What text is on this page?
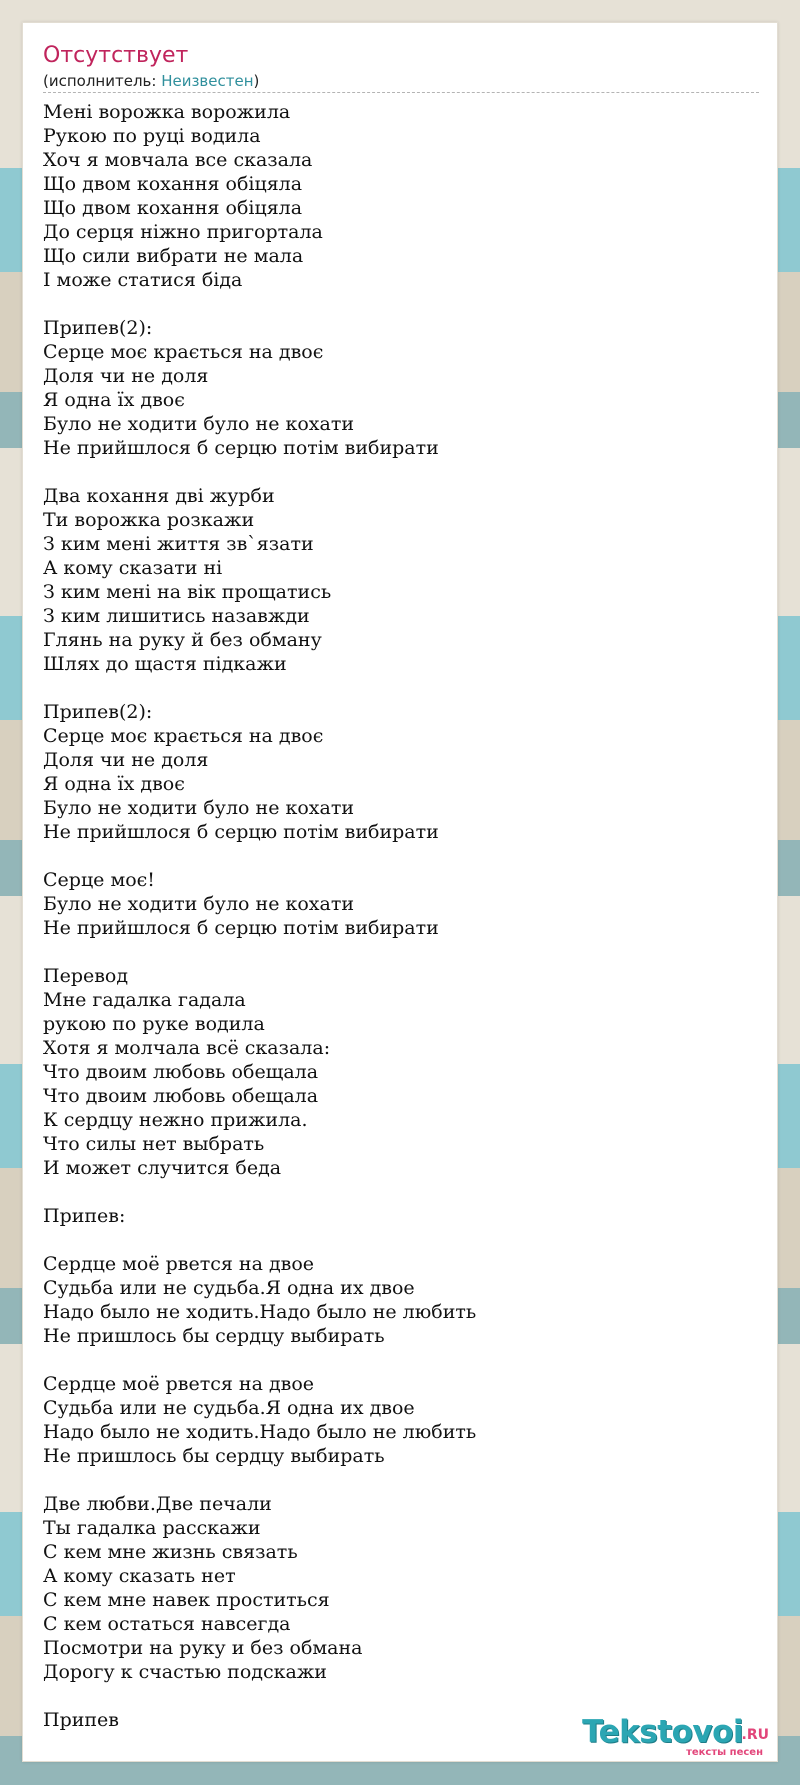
Отсутствует
(исполнитель: Неизвестен)
Мені ворожка ворожила
Рукою по руці водила
Хоч я мовчала все сказала
Що двом кохання обіцяла
Що двом кохання обіцяла
До серця ніжно пригортала
Що сили вибрати не мала
І може статися біда
Припев(2):
Серце моє крається на двоє
Доля чи не доля
Я одна їх двоє
Було не ходити було не кохати
Не прийшлося б серцю потім вибирати
Два кохання дві журби
Ти ворожка розкажи
З ким мені життя зв`язати
А кому сказати ні
З ким мені на вік прощатись
З ким лишитись назавжди
Глянь на руку й без обману
Шлях до щастя підкажи
Припев(2):
Серце моє крається на двоє
Доля чи не доля
Я одна їх двоє
Було не ходити було не кохати
Не прийшлося б серцю потім вибирати
Серце моє!
Було не ходити було не кохати
Не прийшлося б серцю потім вибирати
Перевод
Мне гадалка гадала
рукою по руке водила
Хотя я молчала всё сказала:
Что двоим любовь обещала
Что двоим любовь обещала
К сердцу нежно прижила.
Что силы нет выбрать
И может случится беда
Припев:
Сердце моё рвется на двое
Судьба или не судьба.Я одна их двое
Надо было не ходить.Надо было не любить
Не пришлось бы сердцу выбирать
Сердце моё рвется на двое
Судьба или не судьба.Я одна их двое
Надо было не ходить.Надо было не любить
Не пришлось бы сердцу выбирать
Две любви.Две печали
Ты гадалка расскажи
С кем мне жизнь связать
А кому сказать нет
С кем мне навек проститься
С кем остаться навсегда
Посмотри на руку и без обмана
Дорогу к счастью подскажи
Припев	Tekstovoi
.RU
тексты песен
